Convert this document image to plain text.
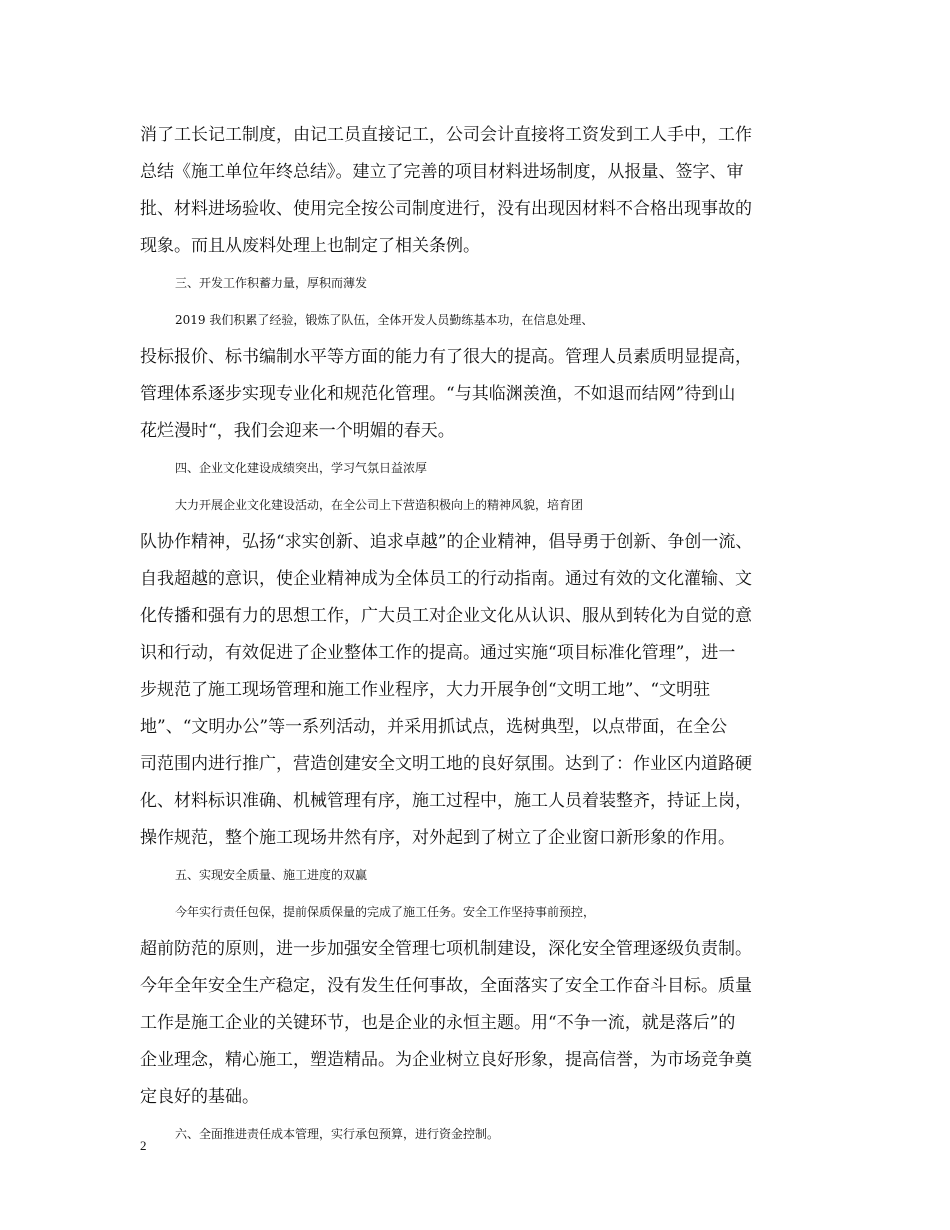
消了工长记工制度，由记工员直接记工，公司会计直接将工资发到工人手中，工作
总结《施工单位年终总结》。建立了完善的项目材料进场制度，从报量、签字、审
批、材料进场验收、使用完全按公司制度进行，没有出现因材料不合格出现事故的
现象。而且从废料处理上也制定了相关条例。
三、开发工作积蓄力量，厚积而薄发
2019 我们积累了经验，锻炼了队伍，全体开发人员勤练基本功，在信息处理、
投标报价、标书编制水平等方面的能力有了很大的提高。管理人员素质明显提高，
管理体系逐步实现专业化和规范化管理。“与其临渊羡渔，不如退而结网”待到山
花烂漫时“，我们会迎来一个明媚的春天。
四、企业文化建设成绩突出，学习气氛日益浓厚
大力开展企业文化建设活动，在全公司上下营造积极向上的精神风貌，培育团
队协作精神，弘扬“求实创新、追求卓越”的企业精神，倡导勇于创新、争创一流、
自我超越的意识，使企业精神成为全体员工的行动指南。通过有效的文化灌输、文
化传播和强有力的思想工作，广大员工对企业文化从认识、服从到转化为自觉的意
识和行动，有效促进了企业整体工作的提高。通过实施“项目标准化管理”，进一
步规范了施工现场管理和施工作业程序，大力开展争创“文明工地”、“文明驻
地”、“文明办公”等一系列活动，并采用抓试点，选树典型，以点带面，在全公
司范围内进行推广，营造创建安全文明工地的良好氛围。达到了：作业区内道路硬
化、材料标识准确、机械管理有序，施工过程中，施工人员着装整齐，持证上岗，
操作规范，整个施工现场井然有序，对外起到了树立了企业窗口新形象的作用。
五、实现安全质量、施工进度的双赢
今年实行责任包保，提前保质保量的完成了施工任务。安全工作坚持事前预控，
超前防范的原则，进一步加强安全管理七项机制建设，深化安全管理逐级负责制。
今年全年安全生产稳定，没有发生任何事故，全面落实了安全工作奋斗目标。质量
工作是施工企业的关键环节，也是企业的永恒主题。用“不争一流，就是落后”的
企业理念，精心施工，塑造精品。为企业树立良好形象，提高信誉，为市场竞争奠
定良好的基础。
六、全面推进责任成本管理，实行承包预算，进行资金控制。
2
